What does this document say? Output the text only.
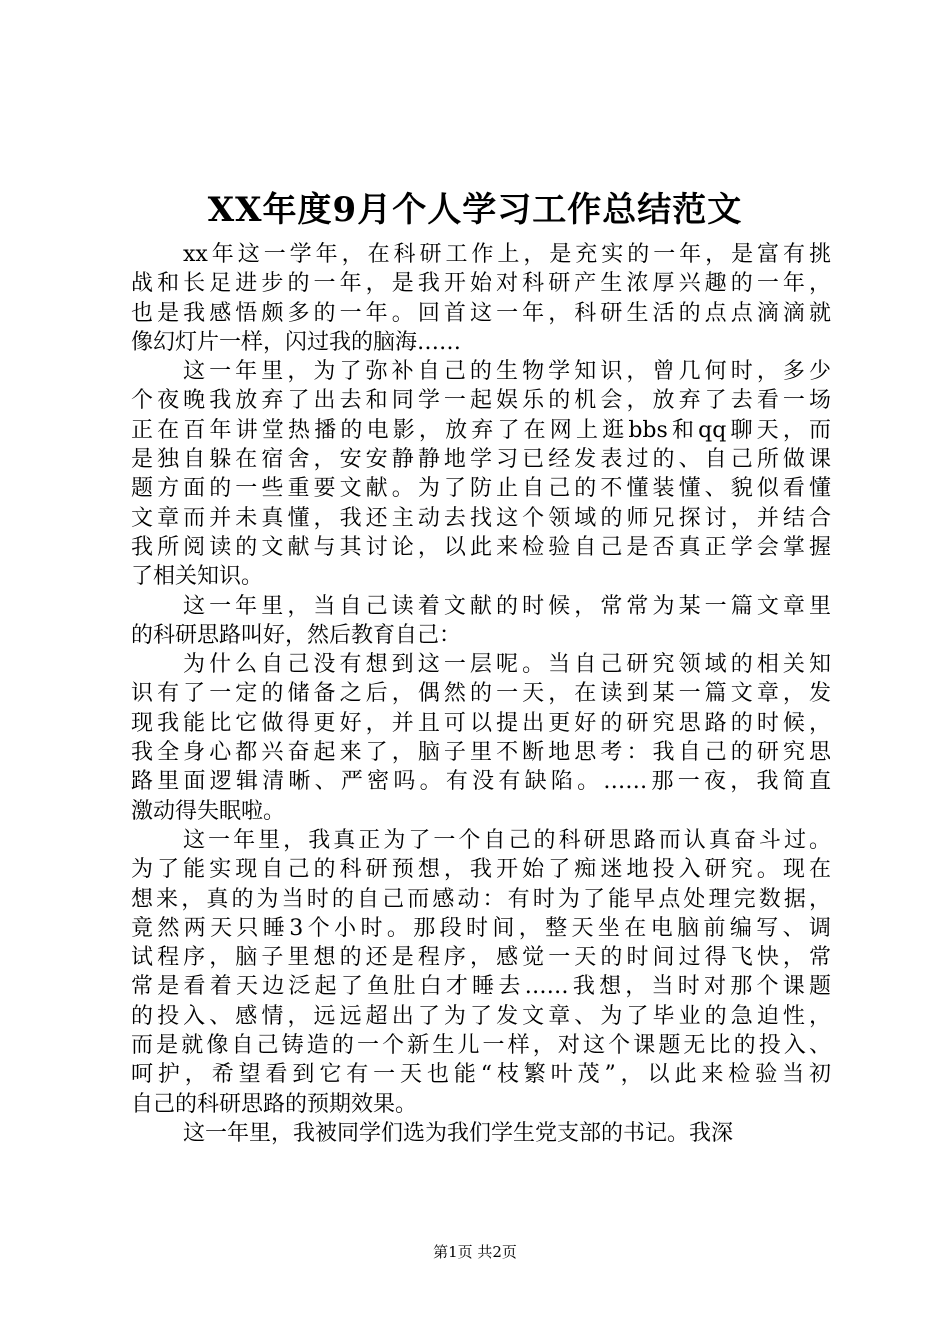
XX年度9月个人学习工作总结范文
xx年这一学年，在科研工作上，是充实的一年，是富有挑
战和长足进步的一年，是我开始对科研产生浓厚兴趣的一年，
也是我感悟颇多的一年。回首这一年，科研生活的点点滴滴就
像幻灯片一样，闪过我的脑海……
这一年里，为了弥补自己的生物学知识，曾几何时，多少
个夜晚我放弃了出去和同学一起娱乐的机会，放弃了去看一场
正在百年讲堂热播的电影，放弃了在网上逛bbs和qq聊天，而
是独自躲在宿舍，安安静静地学习已经发表过的、自己所做课
题方面的一些重要文献。为了防止自己的不懂装懂、貌似看懂
文章而并未真懂，我还主动去找这个领域的师兄探讨，并结合
我所阅读的文献与其讨论，以此来检验自己是否真正学会掌握
了相关知识。
这一年里，当自己读着文献的时候，常常为某一篇文章里
的科研思路叫好，然后教育自己：
为什么自己没有想到这一层呢。当自己研究领域的相关知
识有了一定的储备之后，偶然的一天，在读到某一篇文章，发
现我能比它做得更好，并且可以提出更好的研究思路的时候，
我全身心都兴奋起来了，脑子里不断地思考：我自己的研究思
路里面逻辑清晰、严密吗。有没有缺陷。……那一夜，我简直
激动得失眠啦。
这一年里，我真正为了一个自己的科研思路而认真奋斗过。
为了能实现自己的科研预想，我开始了痴迷地投入研究。现在
想来，真的为当时的自己而感动：有时为了能早点处理完数据，
竟然两天只睡3个小时。那段时间，整天坐在电脑前编写、调
试程序，脑子里想的还是程序，感觉一天的时间过得飞快，常
常是看着天边泛起了鱼肚白才睡去……我想，当时对那个课题
的投入、感情，远远超出了为了发文章、为了毕业的急迫性，
而是就像自己铸造的一个新生儿一样，对这个课题无比的投入、
呵护，希望看到它有一天也能“枝繁叶茂”，以此来检验当初
自己的科研思路的预期效果。
这一年里，我被同学们选为我们学生党支部的书记。我深
第1页 共2页
